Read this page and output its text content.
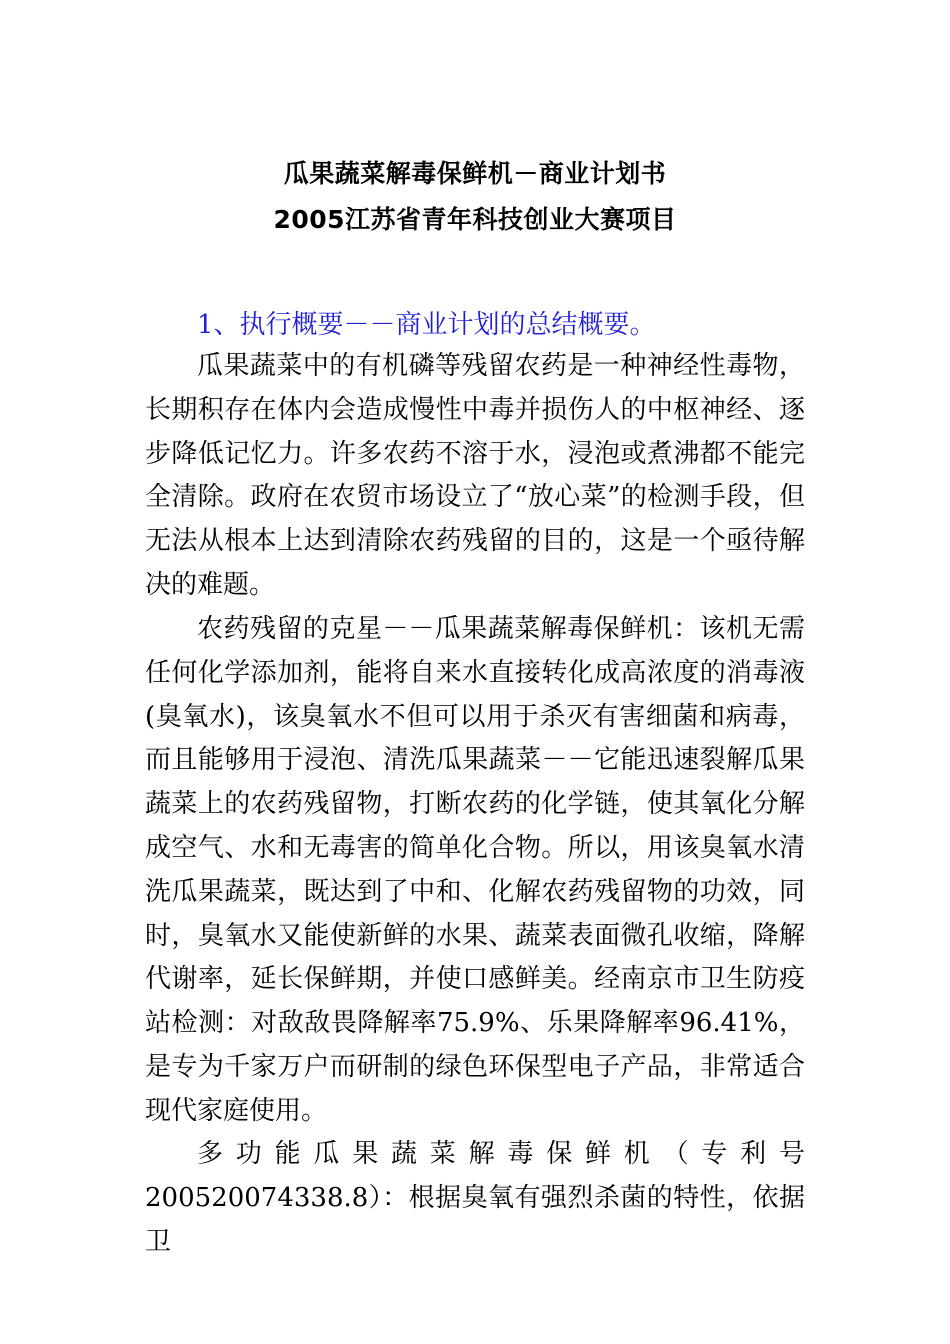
瓜果蔬菜解毒保鲜机－商业计划书
2005江苏省青年科技创业大赛项目
1、执行概要－－商业计划的总结概要。

瓜果蔬菜中的有机磷等残留农药是一种神经性毒物，长期积存在体内会造成慢性中毒并损伤人的中枢神经、逐步降低记忆力。许多农药不溶于水，浸泡或煮沸都不能完全清除。政府在农贸市场设立了“放心菜”的检测手段，但无法从根本上达到清除农药残留的目的，这是一个亟待解决的难题。

农药残留的克星－－瓜果蔬菜解毒保鲜机：该机无需任何化学添加剂，能将自来水直接转化成高浓度的消毒液(臭氧水)，该臭氧水不但可以用于杀灭有害细菌和病毒，而且能够用于浸泡、清洗瓜果蔬菜－－它能迅速裂解瓜果蔬菜上的农药残留物，打断农药的化学链，使其氧化分解成空气、水和无毒害的简单化合物。所以，用该臭氧水清洗瓜果蔬菜，既达到了中和、化解农药残留物的功效，同时，臭氧水又能使新鲜的水果、蔬菜表面微孔收缩，降解代谢率，延长保鲜期，并使口感鲜美。经南京市卫生防疫站检测：对敌敌畏降解率75.9%、乐果降解率96.41%，是专为千家万户而研制的绿色环保型电子产品，非常适合现代家庭使用。

多功能瓜果蔬菜解毒保鲜机（专利号
200520074338.8）：根据臭氧有强烈杀菌的特性，依据卫
